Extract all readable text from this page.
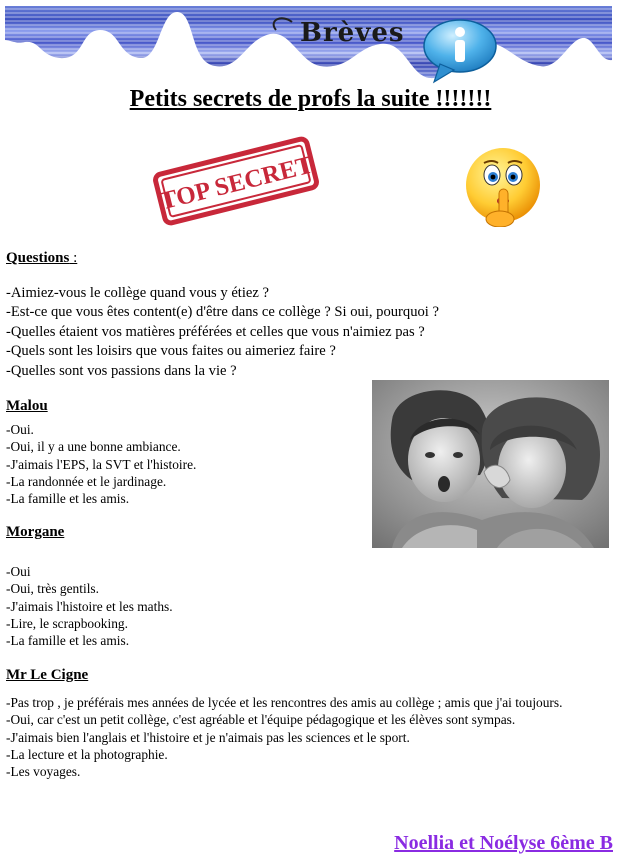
Brèves
Petits secrets de profs la suite !!!!!!!
TOP SECRET
Questions :
-Aimiez-vous le collège quand vous y étiez ?
-Est-ce que vous êtes content(e) d'être dans ce collège ? Si oui, pourquoi ?
-Quelles étaient vos matières préférées et celles que vous n'aimiez pas ?
-Quels sont les loisirs que vous faites ou aimeriez faire ?
-Quelles sont vos passions dans la vie ?
Malou
-Oui.
-Oui, il y a une bonne ambiance.
-J'aimais l'EPS, la SVT et l'histoire.
-La randonnée et le jardinage.
-La famille et les amis.
Morgane
-Oui
-Oui, très gentils.
-J'aimais l'histoire et les maths.
-Lire, le scrapbooking.
-La famille et les amis.
Mr Le Cigne
-Pas trop , je préférais mes années de lycée et les rencontres des amis au collège ; amis que j'ai toujours.
-Oui, car c'est un petit collège, c'est agréable et l'équipe pédagogique et les élèves sont sympas.
-J'aimais bien l'anglais et l'histoire et je n'aimais pas les sciences et le sport.
-La lecture et la photographie.
-Les voyages.
Noellia et Noélyse 6ème B
